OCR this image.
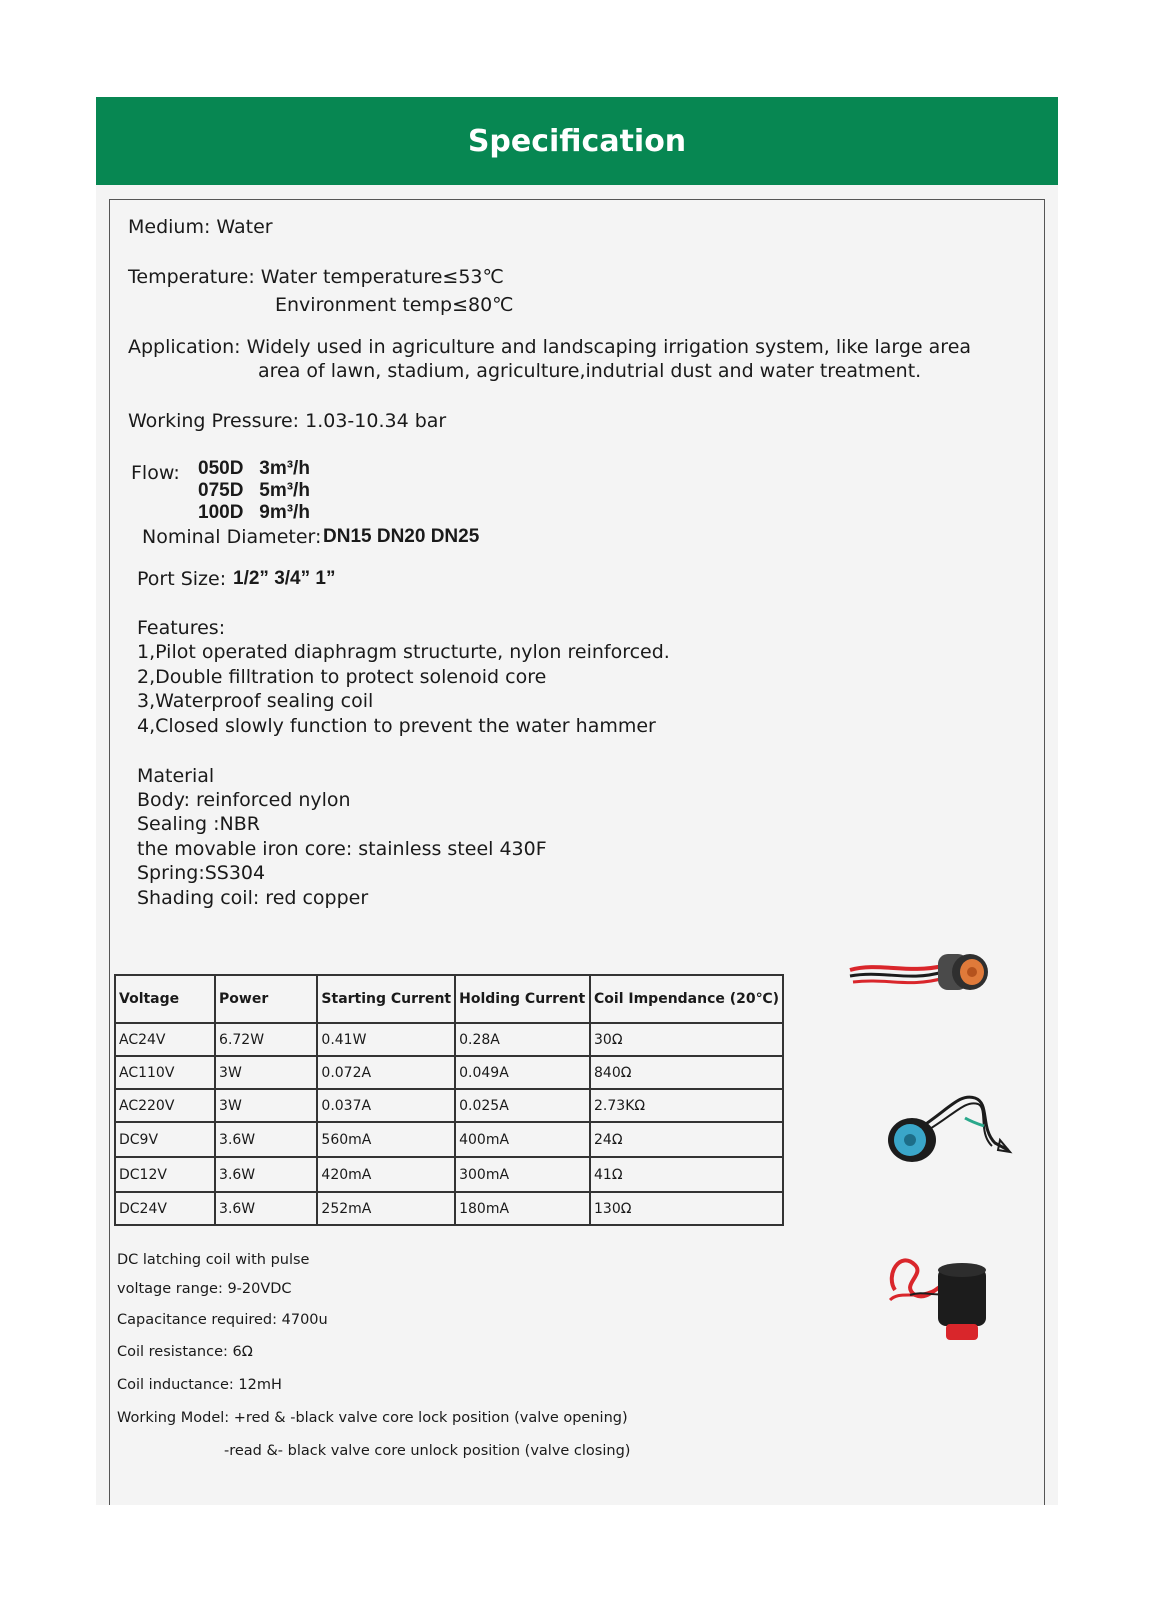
Specification
Medium: Water
Temperature: Water temperature≤53℃
Environment temp≤80℃
Application: Widely used in agriculture and landscaping irrigation system, like large area
area of lawn, stadium, agriculture,indutrial dust and water treatment.
Working Pressure: 1.03-10.34 bar
Flow: 050D   3m³/h
075D   5m³/h
100D   9m³/h
Nominal Diameter: DN15 DN20 DN25
Port Size: 1/2” 3/4” 1”
Features:
1,Pilot operated diaphragm structurte, nylon reinforced.
2,Double filltration to protect solenoid core
3,Waterproof sealing coil
4,Closed slowly function to prevent the water hammer
Material
Body: reinforced nylon
Sealing :NBR
the movable iron core: stainless steel 430F
Spring:SS304
Shading coil: red copper
Voltage	Power	Starting Current	Holding Current	Coil Impendance (20℃)
AC24V	6.72W	0.41W	0.28A	30Ω
AC110V	3W	0.072A	0.049A	840Ω
AC220V	3W	0.037A	0.025A	2.73KΩ
DC9V	3.6W	560mA	400mA	24Ω
DC12V	3.6W	420mA	300mA	41Ω
DC24V	3.6W	252mA	180mA	130Ω
DC latching coil with pulse
voltage range: 9-20VDC
Capacitance required: 4700u
Coil resistance: 6Ω
Coil inductance: 12mH
Working Model: +red & -black valve core lock position (valve opening)
-read &- black valve core unlock position (valve closing)
